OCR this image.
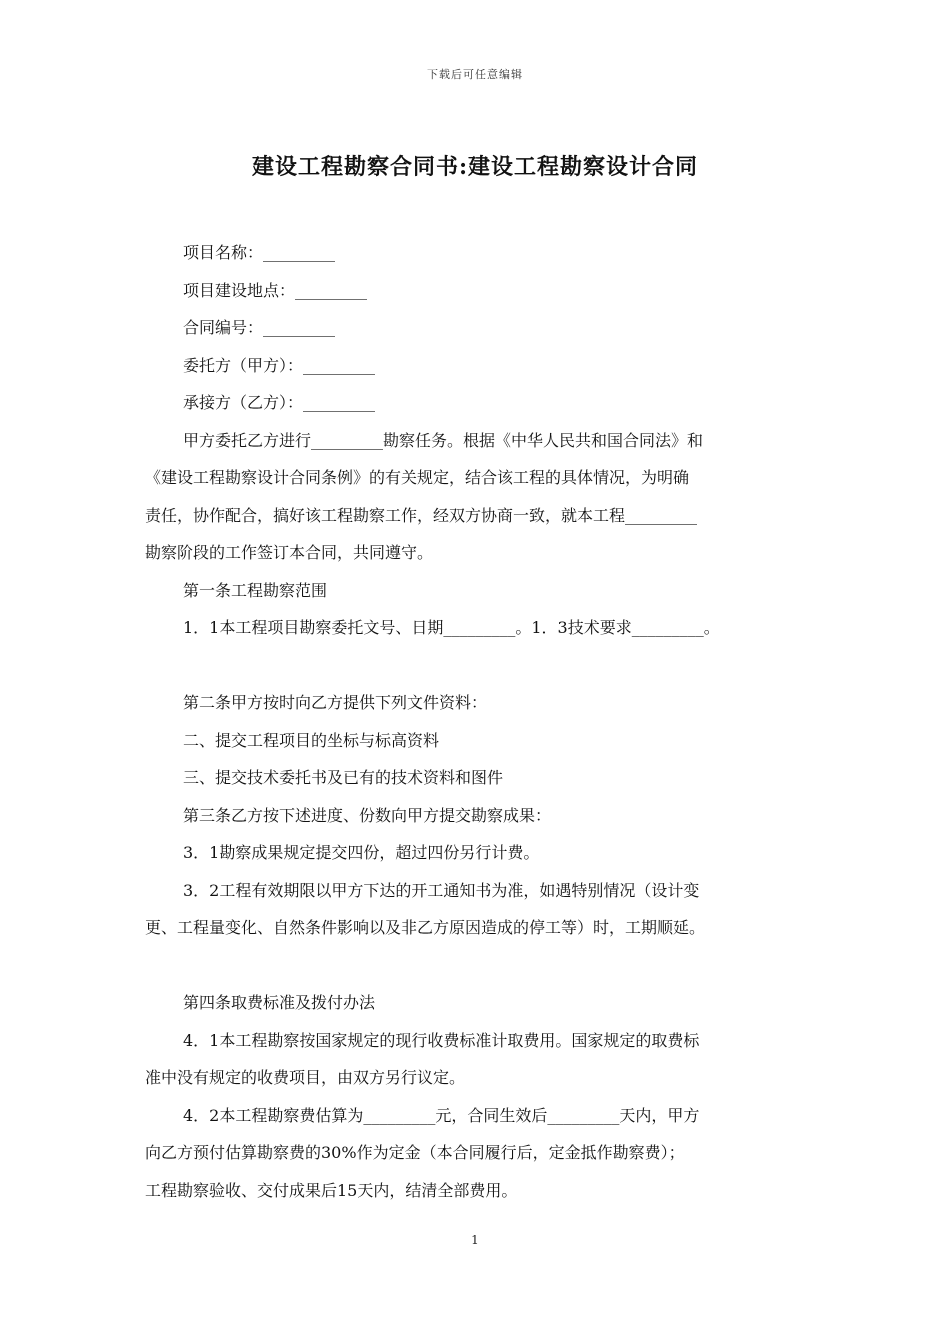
下载后可任意编辑
建设工程勘察合同书:建设工程勘察设计合同
项目名称：_________
项目建设地点：_________
合同编号：_________
委托方（甲方）：_________
承接方（乙方）：_________
甲方委托乙方进行_________勘察任务。根据《中华人民共和国合同法》和
《建设工程勘察设计合同条例》的有关规定，结合该工程的具体情况，为明确
责任，协作配合，搞好该工程勘察工作，经双方协商一致，就本工程_________
勘察阶段的工作签订本合同，共同遵守。
第一条工程勘察范围
1．1本工程项目勘察委托文号、日期_________。1．3技术要求_________。
第二条甲方按时向乙方提供下列文件资料：
二、提交工程项目的坐标与标高资料
三、提交技术委托书及已有的技术资料和图件
第三条乙方按下述进度、份数向甲方提交勘察成果：
3．1勘察成果规定提交四份，超过四份另行计费。
3．2工程有效期限以甲方下达的开工通知书为准，如遇特别情况（设计变
更、工程量变化、自然条件影响以及非乙方原因造成的停工等）时，工期顺延。
第四条取费标准及拨付办法
4．1本工程勘察按国家规定的现行收费标准计取费用。国家规定的取费标
准中没有规定的收费项目，由双方另行议定。
4．2本工程勘察费估算为_________元，合同生效后_________天内，甲方
向乙方预付估算勘察费的30%作为定金（本合同履行后，定金抵作勘察费）；
工程勘察验收、交付成果后15天内，结清全部费用。
1
